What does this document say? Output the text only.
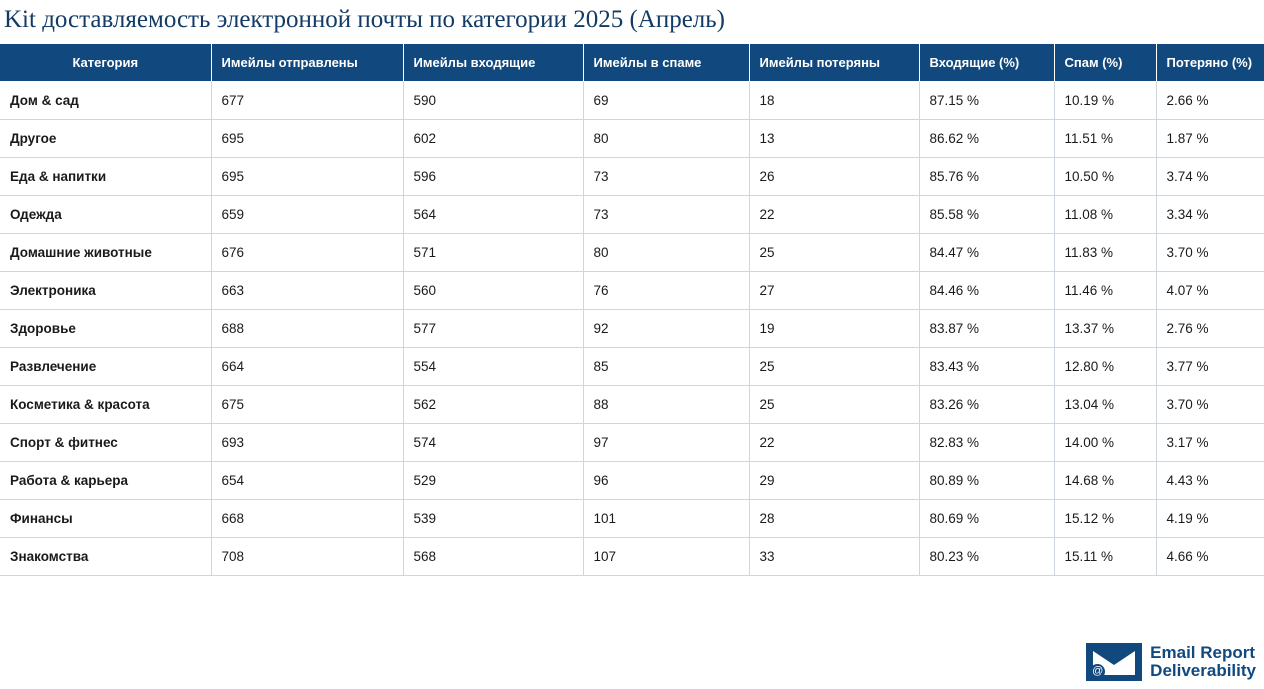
Kit доставляемость электронной почты по категории 2025 (Апрель)
Категория	Имейлы отправлены	Имейлы входящие	Имейлы в спаме	Имейлы потеряны	Входящие (%)	Спам (%)	Потеряно (%)
Дом & сад	677	590	69	18	87.15 %	10.19 %	2.66 %
Другое	695	602	80	13	86.62 %	11.51 %	1.87 %
Еда & напитки	695	596	73	26	85.76 %	10.50 %	3.74 %
Одежда	659	564	73	22	85.58 %	11.08 %	3.34 %
Домашние животные	676	571	80	25	84.47 %	11.83 %	3.70 %
Электроника	663	560	76	27	84.46 %	11.46 %	4.07 %
Здоровье	688	577	92	19	83.87 %	13.37 %	2.76 %
Развлечение	664	554	85	25	83.43 %	12.80 %	3.77 %
Косметика & красота	675	562	88	25	83.26 %	13.04 %	3.70 %
Спорт & фитнес	693	574	97	22	82.83 %	14.00 %	3.17 %
Работа & карьера	654	529	96	29	80.89 %	14.68 %	4.43 %
Финансы	668	539	101	28	80.69 %	15.12 %	4.19 %
Знакомства	708	568	107	33	80.23 %	15.11 %	4.66 %
@
Email Report
Deliverability
